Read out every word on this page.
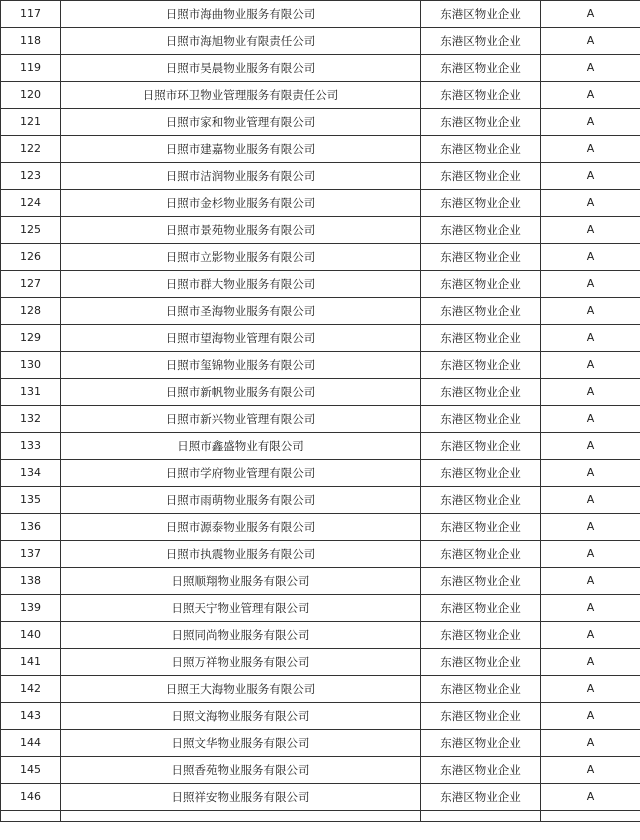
117	日照市海曲物业服务有限公司	东港区物业企业	A
118	日照市海旭物业有限责任公司	东港区物业企业	A
119	日照市昊晨物业服务有限公司	东港区物业企业	A
120	日照市环卫物业管理服务有限责任公司	东港区物业企业	A
121	日照市家和物业管理有限公司	东港区物业企业	A
122	日照市建嘉物业服务有限公司	东港区物业企业	A
123	日照市洁润物业服务有限公司	东港区物业企业	A
124	日照市金杉物业服务有限公司	东港区物业企业	A
125	日照市景苑物业服务有限公司	东港区物业企业	A
126	日照市立影物业服务有限公司	东港区物业企业	A
127	日照市群大物业服务有限公司	东港区物业企业	A
128	日照市圣海物业服务有限公司	东港区物业企业	A
129	日照市望海物业管理有限公司	东港区物业企业	A
130	日照市玺锦物业服务有限公司	东港区物业企业	A
131	日照市新帆物业服务有限公司	东港区物业企业	A
132	日照市新兴物业管理有限公司	东港区物业企业	A
133	日照市鑫盛物业有限公司	东港区物业企业	A
134	日照市学府物业管理有限公司	东港区物业企业	A
135	日照市雨萌物业服务有限公司	东港区物业企业	A
136	日照市源泰物业服务有限公司	东港区物业企业	A
137	日照市执震物业服务有限公司	东港区物业企业	A
138	日照顺翔物业服务有限公司	东港区物业企业	A
139	日照天宁物业管理有限公司	东港区物业企业	A
140	日照同尚物业服务有限公司	东港区物业企业	A
141	日照万祥物业服务有限公司	东港区物业企业	A
142	日照王大海物业服务有限公司	东港区物业企业	A
143	日照文海物业服务有限公司	东港区物业企业	A
144	日照文华物业服务有限公司	东港区物业企业	A
145	日照香苑物业服务有限公司	东港区物业企业	A
146	日照祥安物业服务有限公司	东港区物业企业	A
